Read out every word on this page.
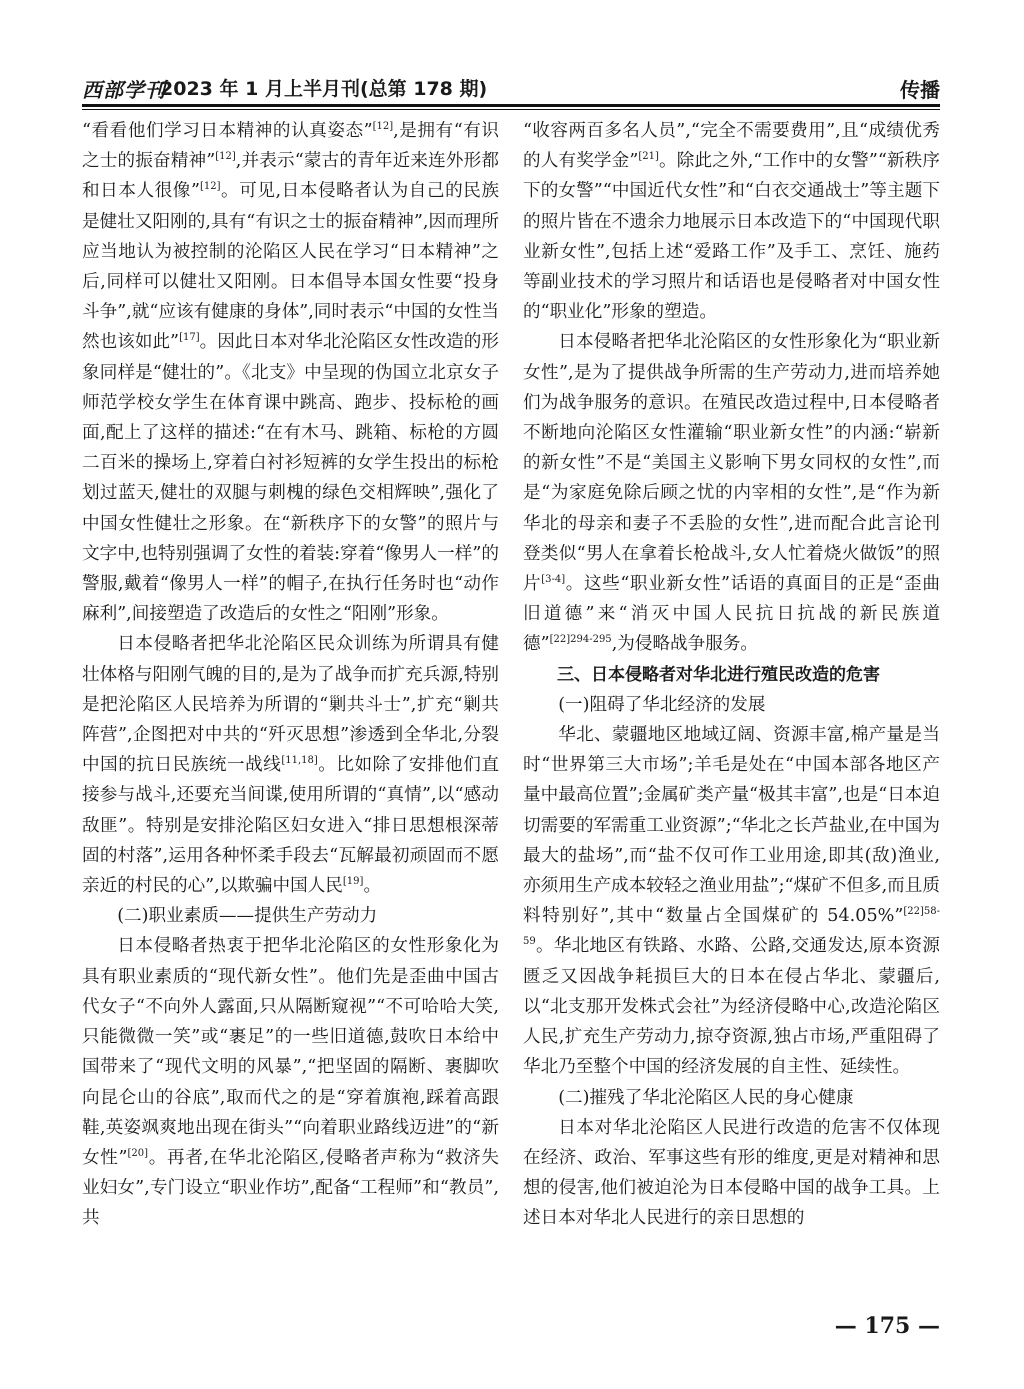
西部学刊
2023 年 1 月上半月刊(总第 178 期)	传播
“看看他们学习日本精神的认真姿态”[12],是拥有“有识之士的振奋精神”[12],并表示“蒙古的青年近来连外形都和日本人很像”[12]。可见,日本侵略者认为自己的民族是健壮又阳刚的,具有“有识之士的振奋精神”,因而理所应当地认为被控制的沦陷区人民在学习“日本精神”之后,同样可以健壮又阳刚。日本倡导本国女性要“投身斗争”,就“应该有健康的身体”,同时表示“中国的女性当然也该如此”[17]。因此日本对华北沦陷区女性改造的形象同样是“健壮的”。《北支》中呈现的伪国立北京女子师范学校女学生在体育课中跳高、跑步、投标枪的画面,配上了这样的描述:“在有木马、跳箱、标枪的方圆二百米的操场上,穿着白衬衫短裤的女学生投出的标枪划过蓝天,健壮的双腿与刺槐的绿色交相辉映”,强化了中国女性健壮之形象。在“新秩序下的女警”的照片与文字中,也特别强调了女性的着装:穿着“像男人一样”的警服,戴着“像男人一样”的帽子,在执行任务时也“动作麻利”,间接塑造了改造后的女性之“阳刚”形象。
日本侵略者把华北沦陷区民众训练为所谓具有健壮体格与阳刚气魄的目的,是为了战争而扩充兵源,特别是把沦陷区人民培养为所谓的“剿共斗士”,扩充“剿共阵营”,企图把对中共的“歼灭思想”渗透到全华北,分裂中国的抗日民族统一战线[11,18]。比如除了安排他们直接参与战斗,还要充当间谍,使用所谓的“真情”,以“感动敌匪”。特别是安排沦陷区妇女进入“排日思想根深蒂固的村落”,运用各种怀柔手段去“瓦解最初顽固而不愿亲近的村民的心”,以欺骗中国人民[19]。
(二)职业素质——提供生产劳动力
日本侵略者热衷于把华北沦陷区的女性形象化为具有职业素质的“现代新女性”。他们先是歪曲中国古代女子“不向外人露面,只从隔断窥视”“不可哈哈大笑,只能微微一笑”或“裹足”的一些旧道德,鼓吹日本给中国带来了“现代文明的风暴”,“把坚固的隔断、裹脚吹向昆仑山的谷底”,取而代之的是“穿着旗袍,踩着高跟鞋,英姿飒爽地出现在街头”“向着职业路线迈进”的“新女性”[20]。再者,在华北沦陷区,侵略者声称为“救济失业妇女”,专门设立“职业作坊”,配备“工程师”和“教员”,共
“收容两百多名人员”,“完全不需要费用”,且“成绩优秀的人有奖学金”[21]。除此之外,“工作中的女警”“新秩序下的女警”“中国近代女性”和“白衣交通战士”等主题下的照片皆在不遗余力地展示日本改造下的“中国现代职业新女性”,包括上述“爱路工作”及手工、烹饪、施药等副业技术的学习照片和话语也是侵略者对中国女性的“职业化”形象的塑造。
日本侵略者把华北沦陷区的女性形象化为“职业新女性”,是为了提供战争所需的生产劳动力,进而培养她们为战争服务的意识。在殖民改造过程中,日本侵略者不断地向沦陷区女性灌输“职业新女性”的内涵:“崭新的新女性”不是“美国主义影响下男女同权的女性”,而是“为家庭免除后顾之忧的内宰相的女性”,是“作为新华北的母亲和妻子不丢脸的女性”,进而配合此言论刊登类似“男人在拿着长枪战斗,女人忙着烧火做饭”的照片[3-4]。这些“职业新女性”话语的真面目的正是“歪曲旧道德”来“消灭中国人民抗日抗战的新民族道德”$^{[22]294-295}$,为侵略战争服务。
三、日本侵略者对华北进行殖民改造的危害
(一)阻碍了华北经济的发展
华北、蒙疆地区地域辽阔、资源丰富,棉产量是当时“世界第三大市场”;羊毛是处在“中国本部各地区产量中最高位置”;金属矿类产量“极其丰富”,也是“日本迫切需要的军需重工业资源”;“华北之长芦盐业,在中国为最大的盐场”,而“盐不仅可作工业用途,即其(敌)渔业,亦须用生产成本较轻之渔业用盐”;“煤矿不但多,而且质料特别好”,其中“数量占全国煤矿的 54.05%”$^{[22]58-59}$。华北地区有铁路、水路、公路,交通发达,原本资源匮乏又因战争耗损巨大的日本在侵占华北、蒙疆后,以“北支那开发株式会社”为经济侵略中心,改造沦陷区人民,扩充生产劳动力,掠夺资源,独占市场,严重阻碍了华北乃至整个中国的经济发展的自主性、延续性。
(二)摧残了华北沦陷区人民的身心健康
日本对华北沦陷区人民进行改造的危害不仅体现在经济、政治、军事这些有形的维度,更是对精神和思想的侵害,他们被迫沦为日本侵略中国的战争工具。上述日本对华北人民进行的亲日思想的
— 175 —
